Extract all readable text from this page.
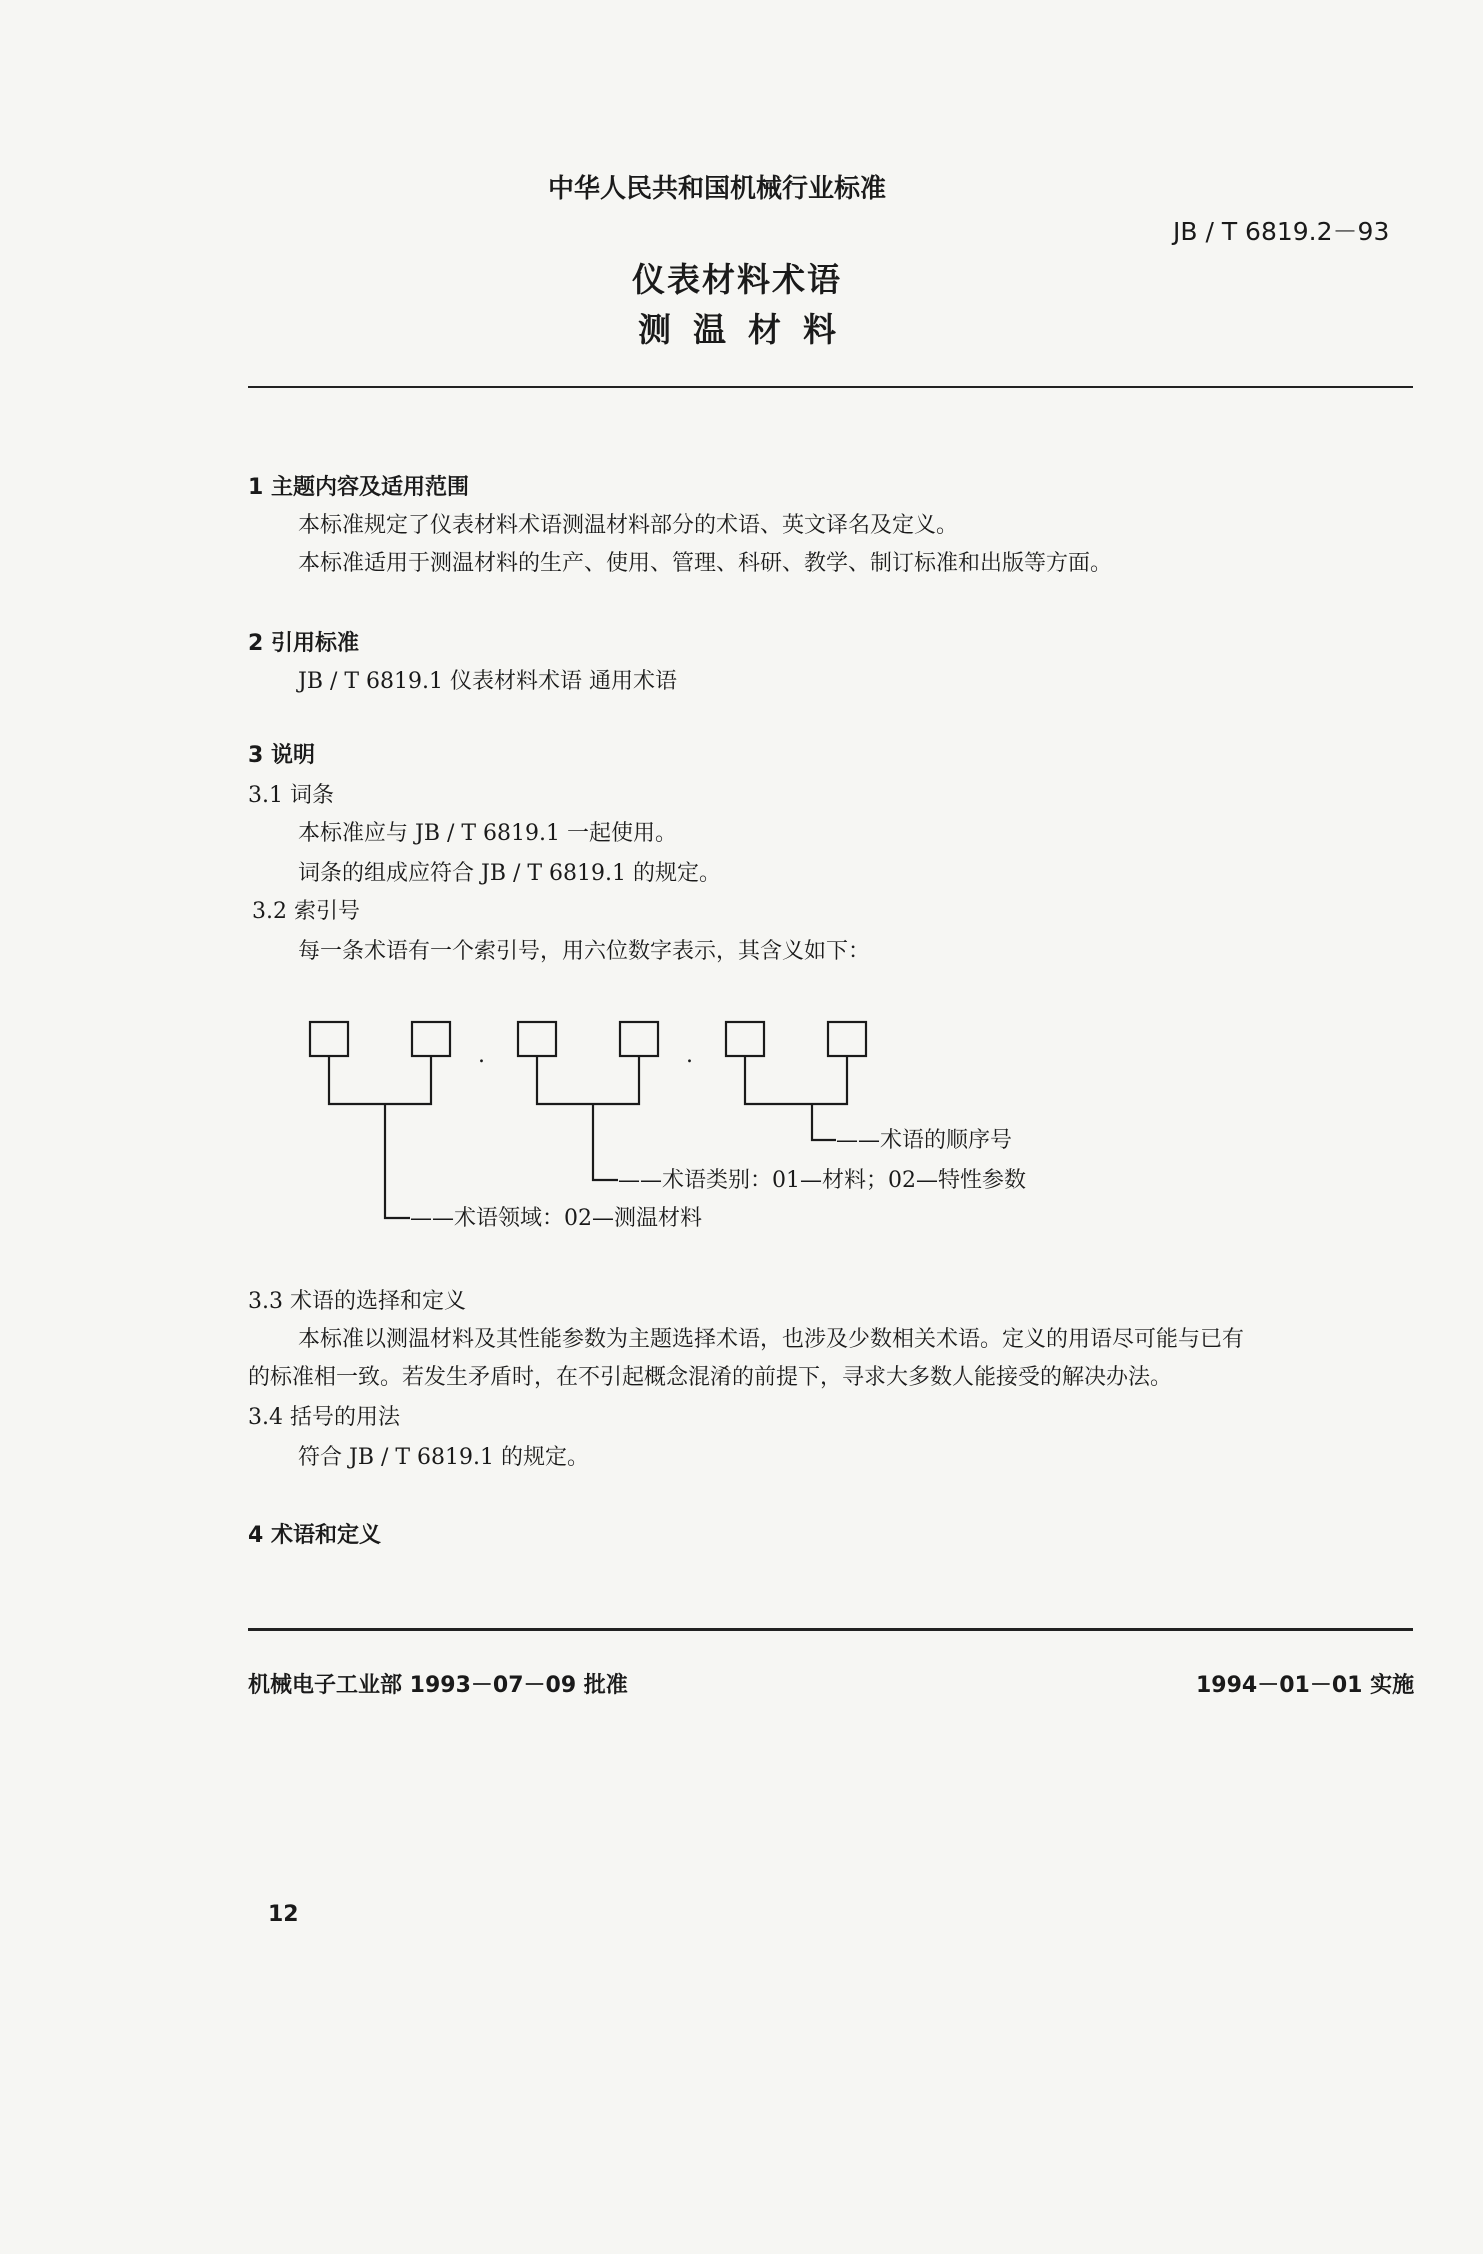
中华人民共和国机械行业标准
JB / T 6819.2－93
仪表材料术语
测温材料
1 主题内容及适用范围
本标准规定了仪表材料术语测温材料部分的术语、英文译名及定义。
本标准适用于测温材料的生产、使用、管理、科研、教学、制订标准和出版等方面。
2 引用标准
JB / T 6819.1 仪表材料术语 通用术语
3 说明
3.1 词条
本标准应与 JB / T 6819.1 一起使用。
词条的组成应符合 JB / T 6819.1 的规定。
3.2 索引号
每一条术语有一个索引号，用六位数字表示，其含义如下：
.	.
——术语的顺序号
——术语类别：01—材料；02—特性参数
——术语领域：02—测温材料
3.3 术语的选择和定义
本标准以测温材料及其性能参数为主题选择术语，也涉及少数相关术语。定义的用语尽可能与已有
的标准相一致。若发生矛盾时，在不引起概念混淆的前提下，寻求大多数人能接受的解决办法。
3.4 括号的用法
符合 JB / T 6819.1 的规定。
4 术语和定义
机械电子工业部 1993－07－09 批准	1994－01－01 实施
12
